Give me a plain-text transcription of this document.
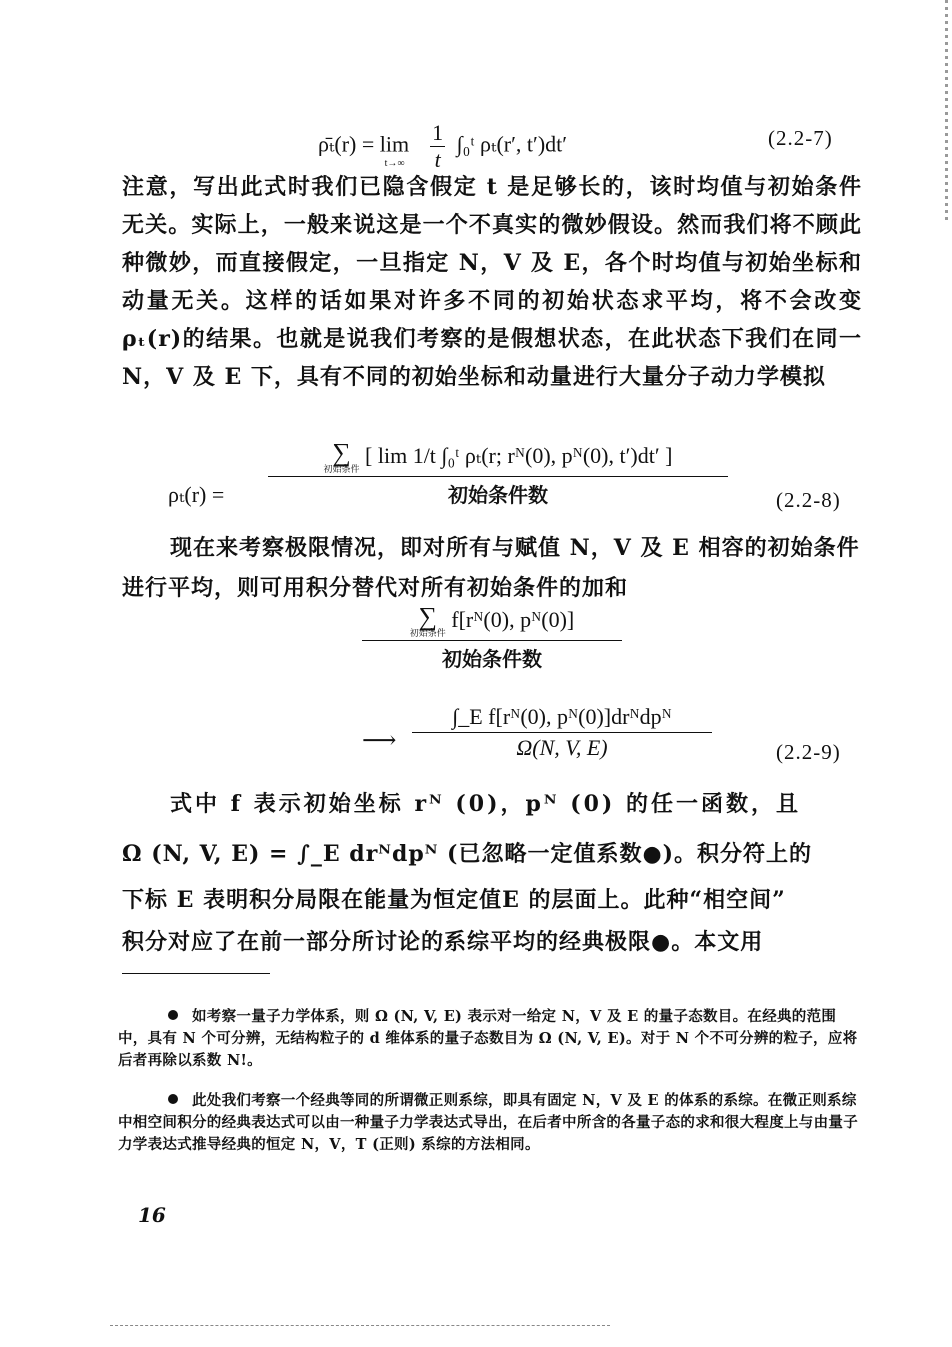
ρ̄ₜ(r) = $\lim t\to\infty \frac{1}{t}$ ∫₀ᵗ ρₜ(r′, t′)dt′	(2.2-7)
注意，写出此式时我们已隐含假定 t 是足够长的，该时均值与初始条件无关。实际上，一般来说这是一个不真实的微妙假设。然而我们将不顾此种微妙，而直接假定，一旦指定 N，V 及 E，各个时均值与初始坐标和动量无关。这样的话如果对许多不同的初始状态求平均，将不会改变ρₜ(r)的结果。也就是说我们考察的是假想状态，在此状态下我们在同一 N，V 及 E 下，具有不同的初始坐标和动量进行大量分子动力学模拟
ρₜ(r) =
∑
初始条件
[ lim 1/t ∫₀ᵗ ρₜ(r; rᴺ(0), pᴺ(0), t′)dt′ ]
初始条件数	(2.2-8)
现在来考察极限情况，即对所有与赋值 N，V 及 E 相容的初始条件进行平均，则可用积分替代对所有初始条件的加和
∑
初始条件
f[rᴺ(0), pᴺ(0)]
初始条件数
⟶
∫_E f[rᴺ(0), pᴺ(0)]drᴺdpᴺ
Ω(N, V, E)	(2.2-9)
式中 f 表示初始坐标 rᴺ (0)，pᴺ (0) 的任一函数，且
Ω (N, V, E) = ∫_E drᴺdpᴺ (已忽略一定值系数●)。积分符上的
下标 E 表明积分局限在能量为恒定值E 的层面上。此种“相空间”
积分对应了在前一部分所讨论的系综平均的经典极限●。本文用
如考察一量子力学体系，则 Ω (N, V, E) 表示对一给定 N，V 及 E 的量子态数目。在经典的范围中，具有 N 个可分辨，无结构粒子的 d 维体系的量子态数目为 Ω (N, V, E)。对于 N 个不可分辨的粒子，应将后者再除以系数 N!。
此处我们考察一个经典等同的所谓微正则系综，即具有固定 N，V 及 E 的体系的系综。在微正则系综中相空间积分的经典表达式可以由一种量子力学表达式导出，在后者中所含的各量子态的求和很大程度上与由量子力学表达式推导经典的恒定 N，V，T (正则) 系综的方法相同。
16
